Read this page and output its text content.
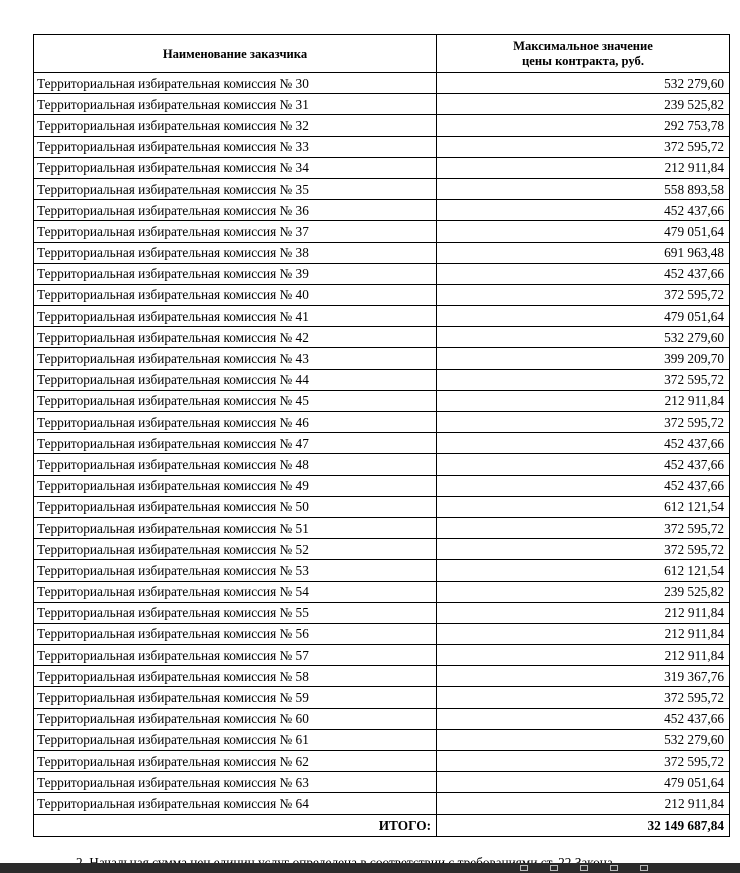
Наименование заказчика	Максимальное значение
цены контракта, руб.
Территориальная избирательная комиссия № 30	532 279,60
Территориальная избирательная комиссия № 31	239 525,82
Территориальная избирательная комиссия № 32	292 753,78
Территориальная избирательная комиссия № 33	372 595,72
Территориальная избирательная комиссия № 34	212 911,84
Территориальная избирательная комиссия № 35	558 893,58
Территориальная избирательная комиссия № 36	452 437,66
Территориальная избирательная комиссия № 37	479 051,64
Территориальная избирательная комиссия № 38	691 963,48
Территориальная избирательная комиссия № 39	452 437,66
Территориальная избирательная комиссия № 40	372 595,72
Территориальная избирательная комиссия № 41	479 051,64
Территориальная избирательная комиссия № 42	532 279,60
Территориальная избирательная комиссия № 43	399 209,70
Территориальная избирательная комиссия № 44	372 595,72
Территориальная избирательная комиссия № 45	212 911,84
Территориальная избирательная комиссия № 46	372 595,72
Территориальная избирательная комиссия № 47	452 437,66
Территориальная избирательная комиссия № 48	452 437,66
Территориальная избирательная комиссия № 49	452 437,66
Территориальная избирательная комиссия № 50	612 121,54
Территориальная избирательная комиссия № 51	372 595,72
Территориальная избирательная комиссия № 52	372 595,72
Территориальная избирательная комиссия № 53	612 121,54
Территориальная избирательная комиссия № 54	239 525,82
Территориальная избирательная комиссия № 55	212 911,84
Территориальная избирательная комиссия № 56	212 911,84
Территориальная избирательная комиссия № 57	212 911,84
Территориальная избирательная комиссия № 58	319 367,76
Территориальная избирательная комиссия № 59	372 595,72
Территориальная избирательная комиссия № 60	452 437,66
Территориальная избирательная комиссия № 61	532 279,60
Территориальная избирательная комиссия № 62	372 595,72
Территориальная избирательная комиссия № 63	479 051,64
Территориальная избирательная комиссия № 64	212 911,84
ИТОГО:	32 149 687,84
